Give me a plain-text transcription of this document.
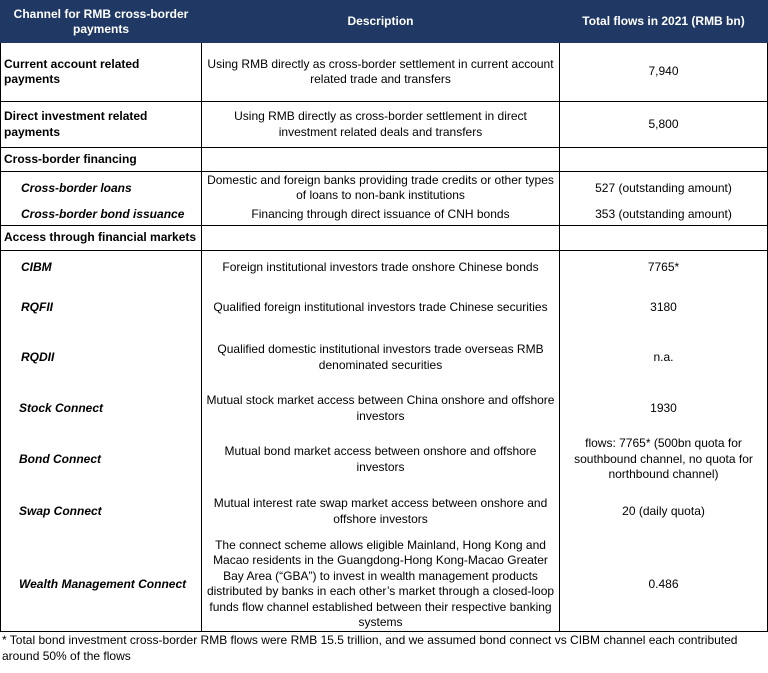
Channel for RMB cross-border payments	Description	Total flows in 2021 (RMB bn)
Current account related payments	Using RMB directly as cross-border settlement in current account related trade and transfers	7,940
Direct investment related payments	Using RMB directly as cross-border settlement in direct investment related deals and transfers	5,800
Cross-border financing		
Cross-border loans	Domestic and foreign banks providing trade credits or other types of loans to non-bank institutions	527 (outstanding amount)
Cross-border bond issuance	Financing through direct issuance of CNH bonds	353 (outstanding amount)
Access through financial markets		
CIBM	Foreign institutional investors trade onshore Chinese bonds	7765*
RQFII	Qualified foreign institutional investors trade Chinese securities	3180
RQDII	Qualified domestic institutional investors trade overseas RMB denominated securities	n.a.
Stock Connect	Mutual stock market access between China onshore and offshore investors	1930
Bond Connect	Mutual bond market access between onshore and offshore investors	flows: 7765* (500bn quota for southbound channel, no quota for northbound channel)
Swap Connect	Mutual interest rate swap market access between onshore and offshore investors	20 (daily quota)
Wealth Management Connect	The connect scheme allows eligible Mainland, Hong Kong and Macao residents in the Guangdong-Hong Kong-Macao Greater Bay Area (“GBA”) to invest in wealth management products distributed by banks in each other’s market through a closed-loop funds flow channel established between their respective banking systems	0.486
* Total bond investment cross-border RMB flows were RMB 15.5 trillion, and we assumed bond connect vs CIBM channel each contributed around 50% of the flows
